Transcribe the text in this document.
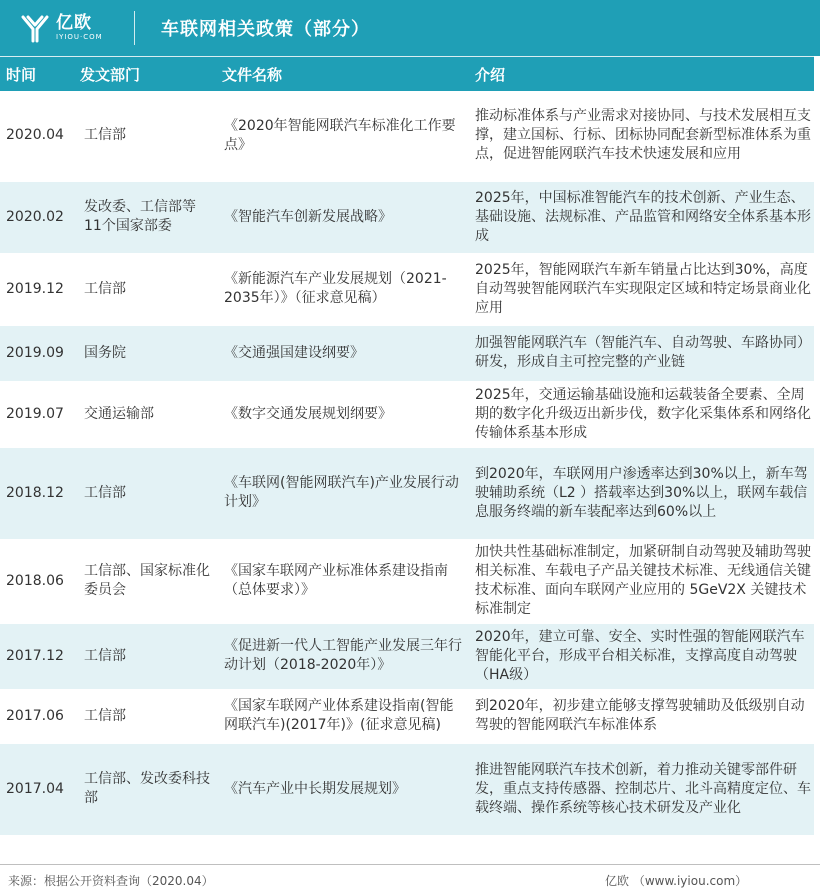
亿欧
IYIOU·COM	车联网相关政策（部分）
时间	发文部门	文件名称	介绍
2020.04	工信部	《2020年智能网联汽车标准化工作要点》	推动标准体系与产业需求对接协同、与技术发展相互支撑，建立国标、行标、团标协同配套新型标准体系为重点，促进智能网联汽车技术快速发展和应用
2020.02	发改委、工信部等11个国家部委	《智能汽车创新发展战略》	2025年，中国标准智能汽车的技术创新、产业生态、基础设施、法规标准、产品监管和网络安全体系基本形成
2019.12	工信部	《新能源汽车产业发展规划（2021-2035年）》（征求意见稿）	2025年，智能网联汽车新车销量占比达到30%，高度自动驾驶智能网联汽车实现限定区域和特定场景商业化应用
2019.09	国务院	《交通强国建设纲要》	加强智能网联汽车（智能汽车、自动驾驶、车路协同）研发，形成自主可控完整的产业链
2019.07	交通运输部	《数字交通发展规划纲要》	2025年，交通运输基础设施和运载装备全要素、全周期的数字化升级迈出新步伐，数字化采集体系和网络化传输体系基本形成
2018.12	工信部	《车联网(智能网联汽车)产业发展行动计划》	到2020年，车联网用户渗透率达到30%以上，新车驾驶辅助系统（L2 ）搭载率达到30%以上，联网车载信息服务终端的新车装配率达到60%以上
2018.06	工信部、国家标准化委员会	《国家车联网产业标准体系建设指南（总体要求）》	加快共性基础标准制定，加紧研制自动驾驶及辅助驾驶相关标准、车载电子产品关键技术标准、无线通信关键技术标准、面向车联网产业应用的 5GeV2X 关键技术标准制定
2017.12	工信部	《促进新一代人工智能产业发展三年行动计划（2018-2020年）》	2020年，建立可靠、安全、实时性强的智能网联汽车智能化平台，形成平台相关标准，支撑高度自动驾驶（HA级）
2017.06	工信部	《国家车联网产业体系建设指南(智能网联汽车)(2017年)》(征求意见稿)	到2020年，初步建立能够支撑驾驶辅助及低级别自动驾驶的智能网联汽车标准体系
2017.04	工信部、发改委科技部	《汽车产业中长期发展规划》	推进智能网联汽车技术创新，着力推动关键零部件研发，重点支持传感器、控制芯片、北斗高精度定位、车载终端、操作系统等核心技术研发及产业化
来源：根据公开资料查询（2020.04）	亿欧 （www.iyiou.com）
